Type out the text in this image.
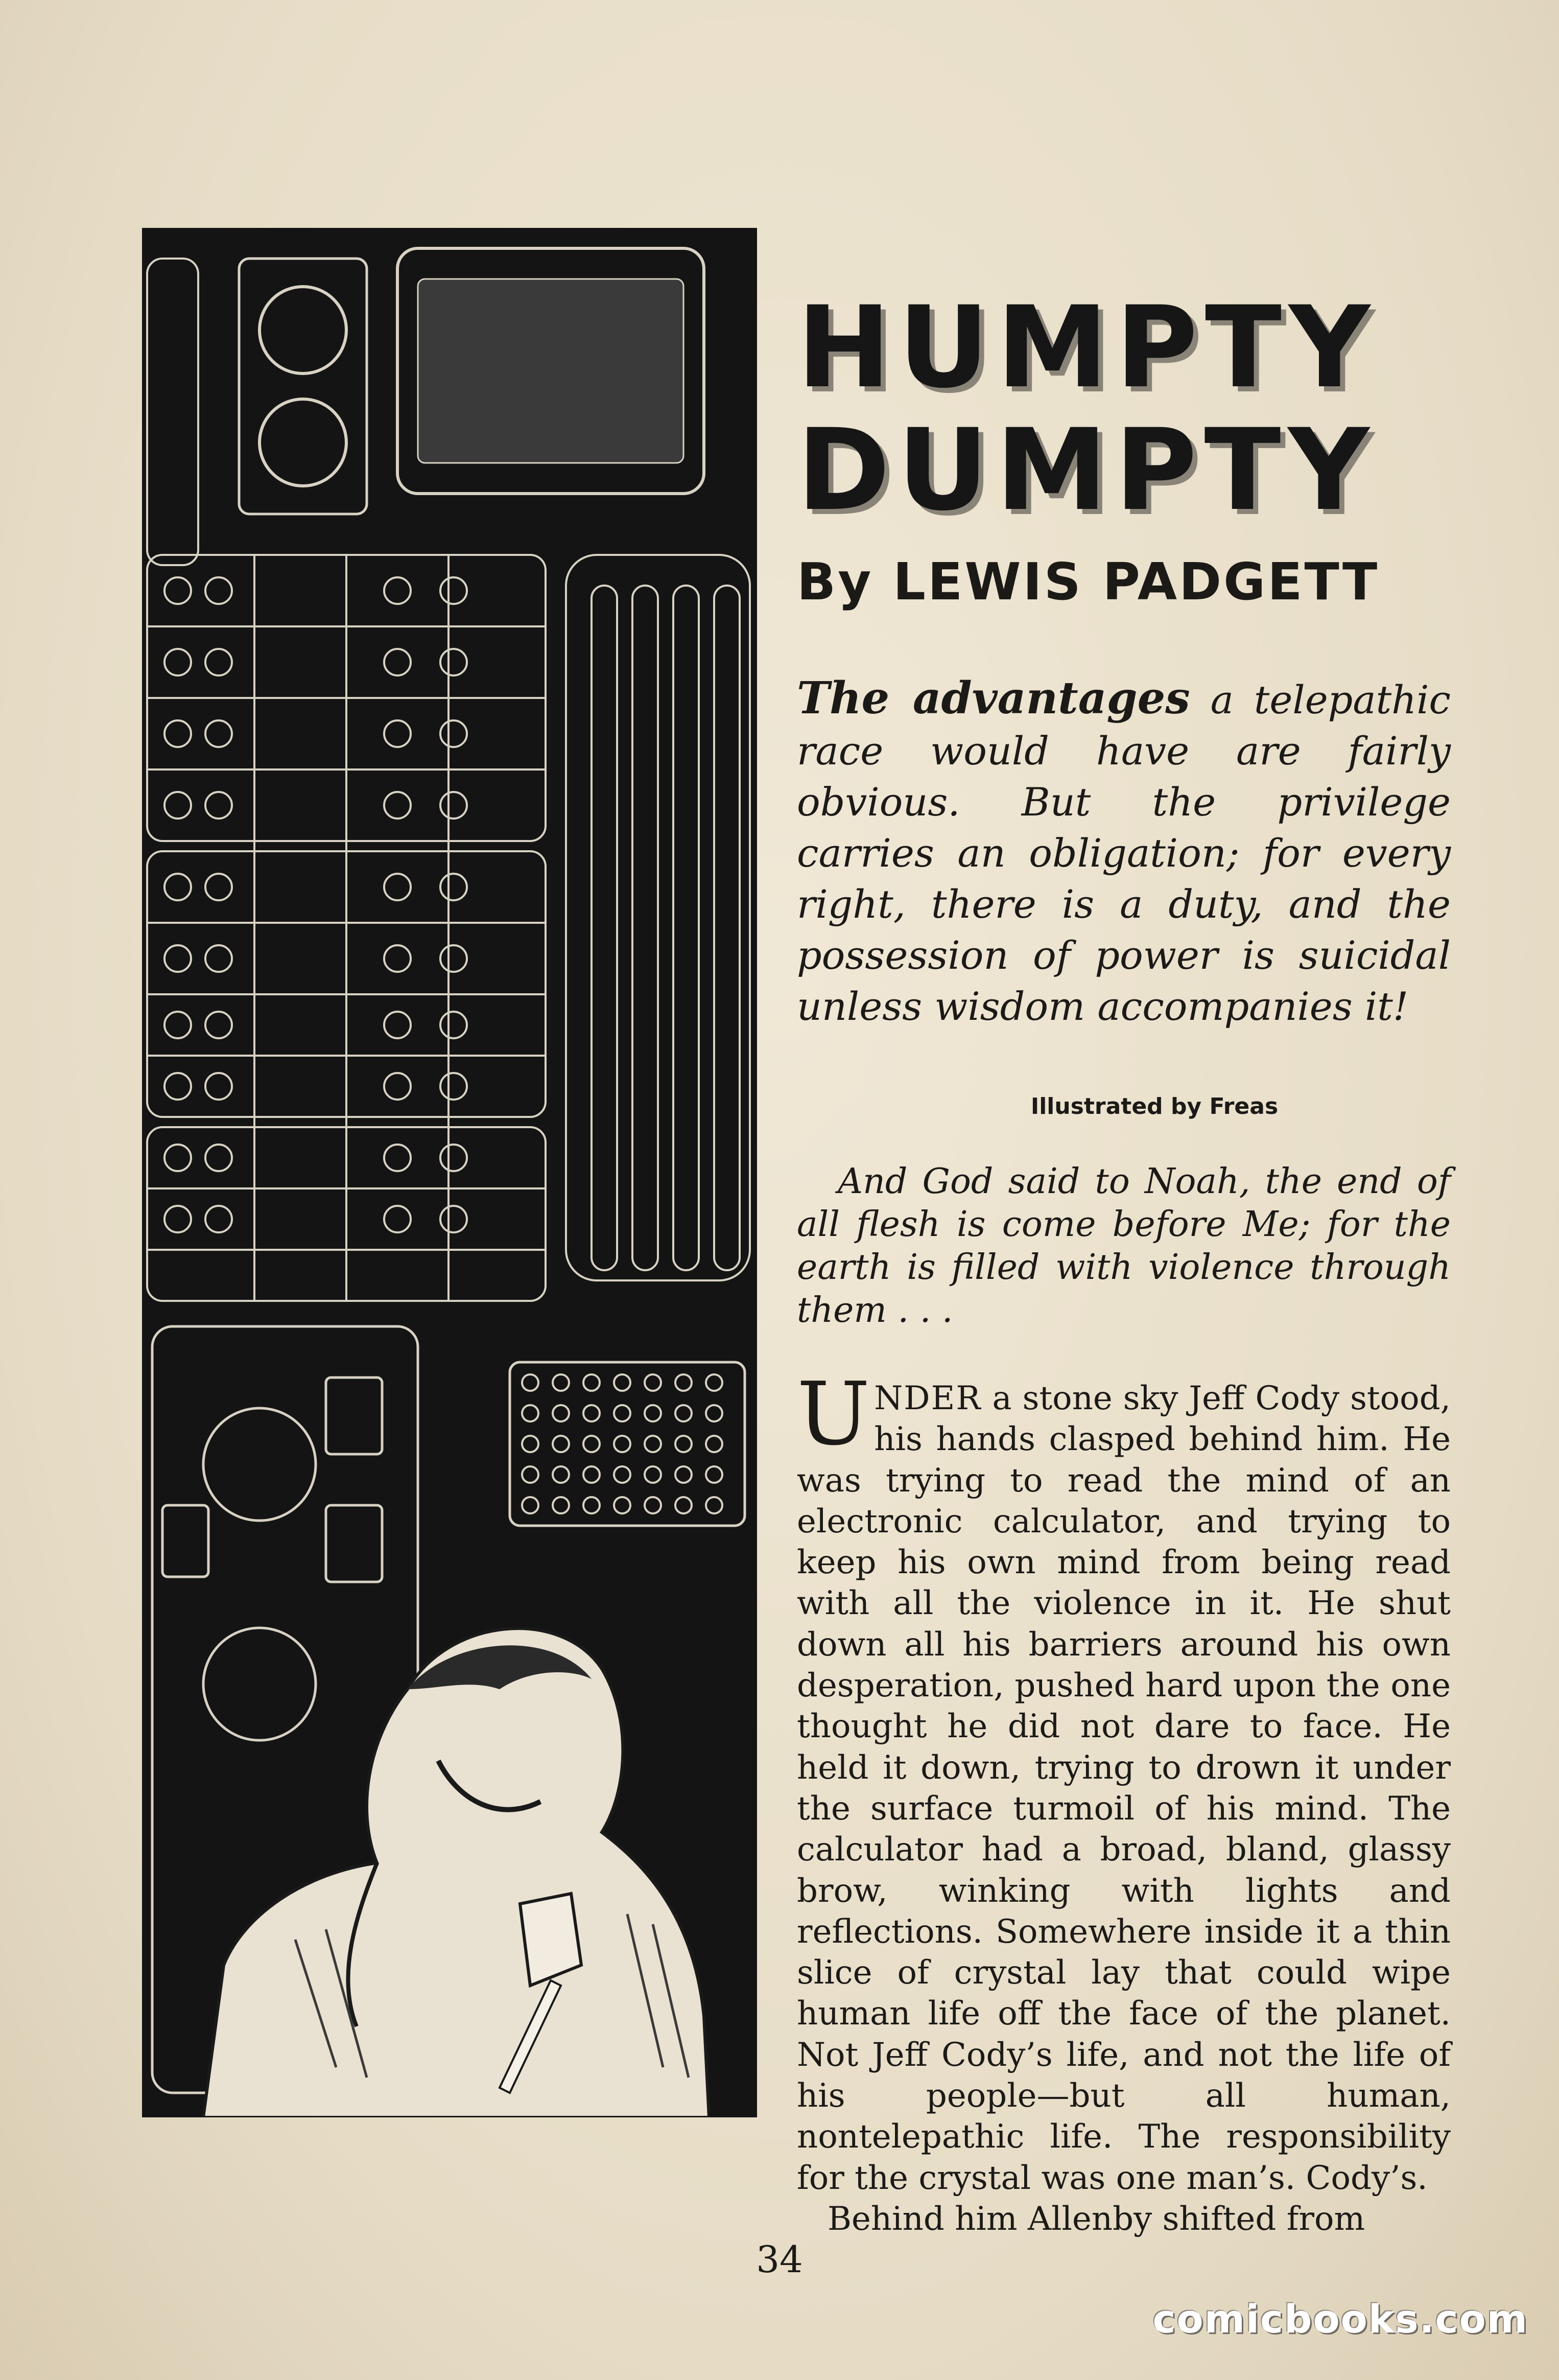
HUMPTY
DUMPTY
By LEWIS PADGETT

The advantages a telepathic race would have are fairly obvious. But the privilege carries an obligation; for every right, there is a duty, and the possession of power is suicidal unless wisdom accompanies it!

Illustrated by Freas

And God said to Noah, the end of all flesh is come before Me; for the earth is filled with violence through them . . .

UNDER a stone sky Jeff Cody stood, his hands clasped behind him. He was trying to read the mind of an electronic calculator, and trying to keep his own mind from being read with all the violence in it. He shut down all his barriers around his own desperation, pushed hard upon the one thought he did not dare to face. He held it down, trying to drown it under the surface turmoil of his mind. The calculator had a broad, bland, glassy brow, winking with lights and reflections. Somewhere inside it a thin slice of crystal lay that could wipe human life off the face of the planet. Not Jeff Cody’s life, and not the life of his people—but all human, nontelepathic life. The responsibility for the crystal was one man’s. Cody’s.

Behind him Allenby shifted from

34
comicbooks.com
